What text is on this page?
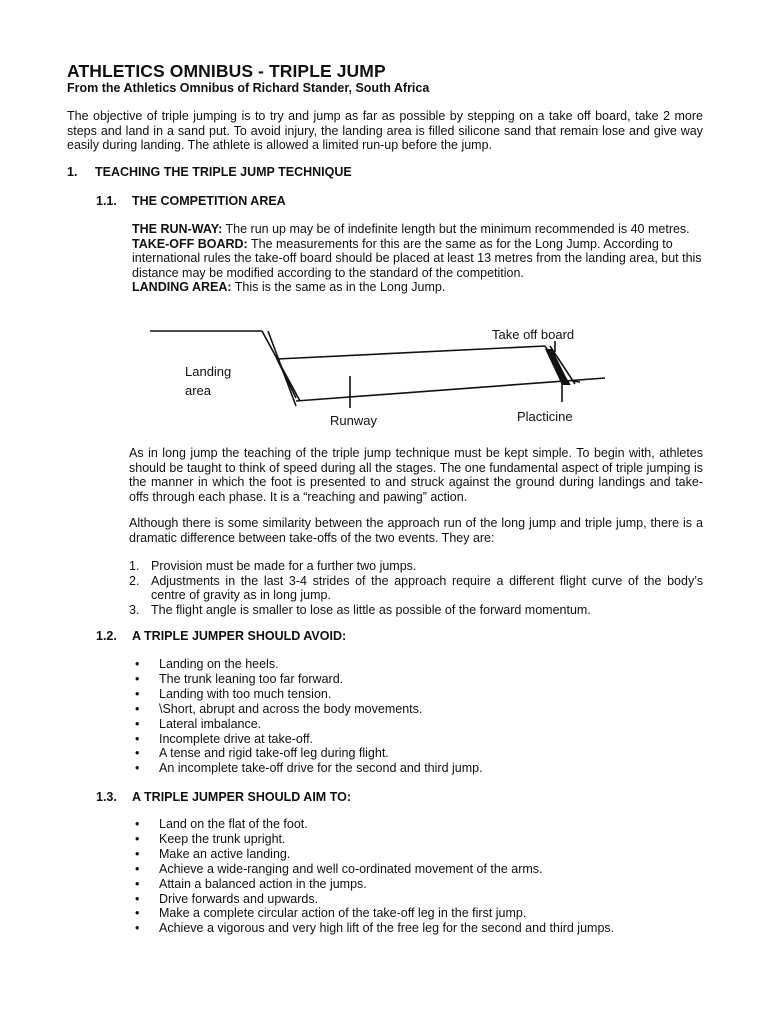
ATHLETICS OMNIBUS - TRIPLE JUMP
From the Athletics Omnibus of Richard Stander, South Africa

The objective of triple jumping is to try and jump as far as possible by stepping on a take off board, take 2 more steps and land in a sand put. To avoid injury, the landing area is filled silicone sand that remain lose and give way easily during landing. The athlete is allowed a limited run-up before the jump.

1. TEACHING THE TRIPLE JUMP TECHNIQUE
1.1. THE COMPETITION AREA

THE RUN-WAY: The run up may be of indefinite length but the minimum recommended is 40 metres.

TAKE-OFF BOARD: The measurements for this are the same as for the Long Jump. According to international rules the take-off board should be placed at least 13 metres from the landing area, but this distance may be modified according to the standard of the competition.

LANDING AREA: This is the same as in the Long Jump.

Landing
area
Runway
Take off board
Placticine

As in long jump the teaching of the triple jump technique must be kept simple. To begin with, athletes should be taught to think of speed during all the stages. The one fundamental aspect of triple jumping is the manner in which the foot is presented to and struck against the ground during landings and take-offs through each phase. It is a “reaching and pawing” action.

Although there is some similarity between the approach run of the long jump and triple jump, there is a dramatic difference between take-offs of the two events. They are:

1. Provision must be made for a further two jumps.
2. Adjustments in the last 3-4 strides of the approach require a different flight curve of the body’s centre of gravity as in long jump.
3. The flight angle is smaller to lose as little as possible of the forward momentum.
1.2. A TRIPLE JUMPER SHOULD AVOID:
• Landing on the heels.
• The trunk leaning too far forward.
• Landing with too much tension.
• \Short, abrupt and across the body movements.
• Lateral imbalance.
• Incomplete drive at take-off.
• A tense and rigid take-off leg during flight.
• An incomplete take-off drive for the second and third jump.
1.3. A TRIPLE JUMPER SHOULD AIM TO:
• Land on the flat of the foot.
• Keep the trunk upright.
• Make an active landing.
• Achieve a wide-ranging and well co-ordinated movement of the arms.
• Attain a balanced action in the jumps.
• Drive forwards and upwards.
• Make a complete circular action of the take-off leg in the first jump.
• Achieve a vigorous and very high lift of the free leg for the second and third jumps.
